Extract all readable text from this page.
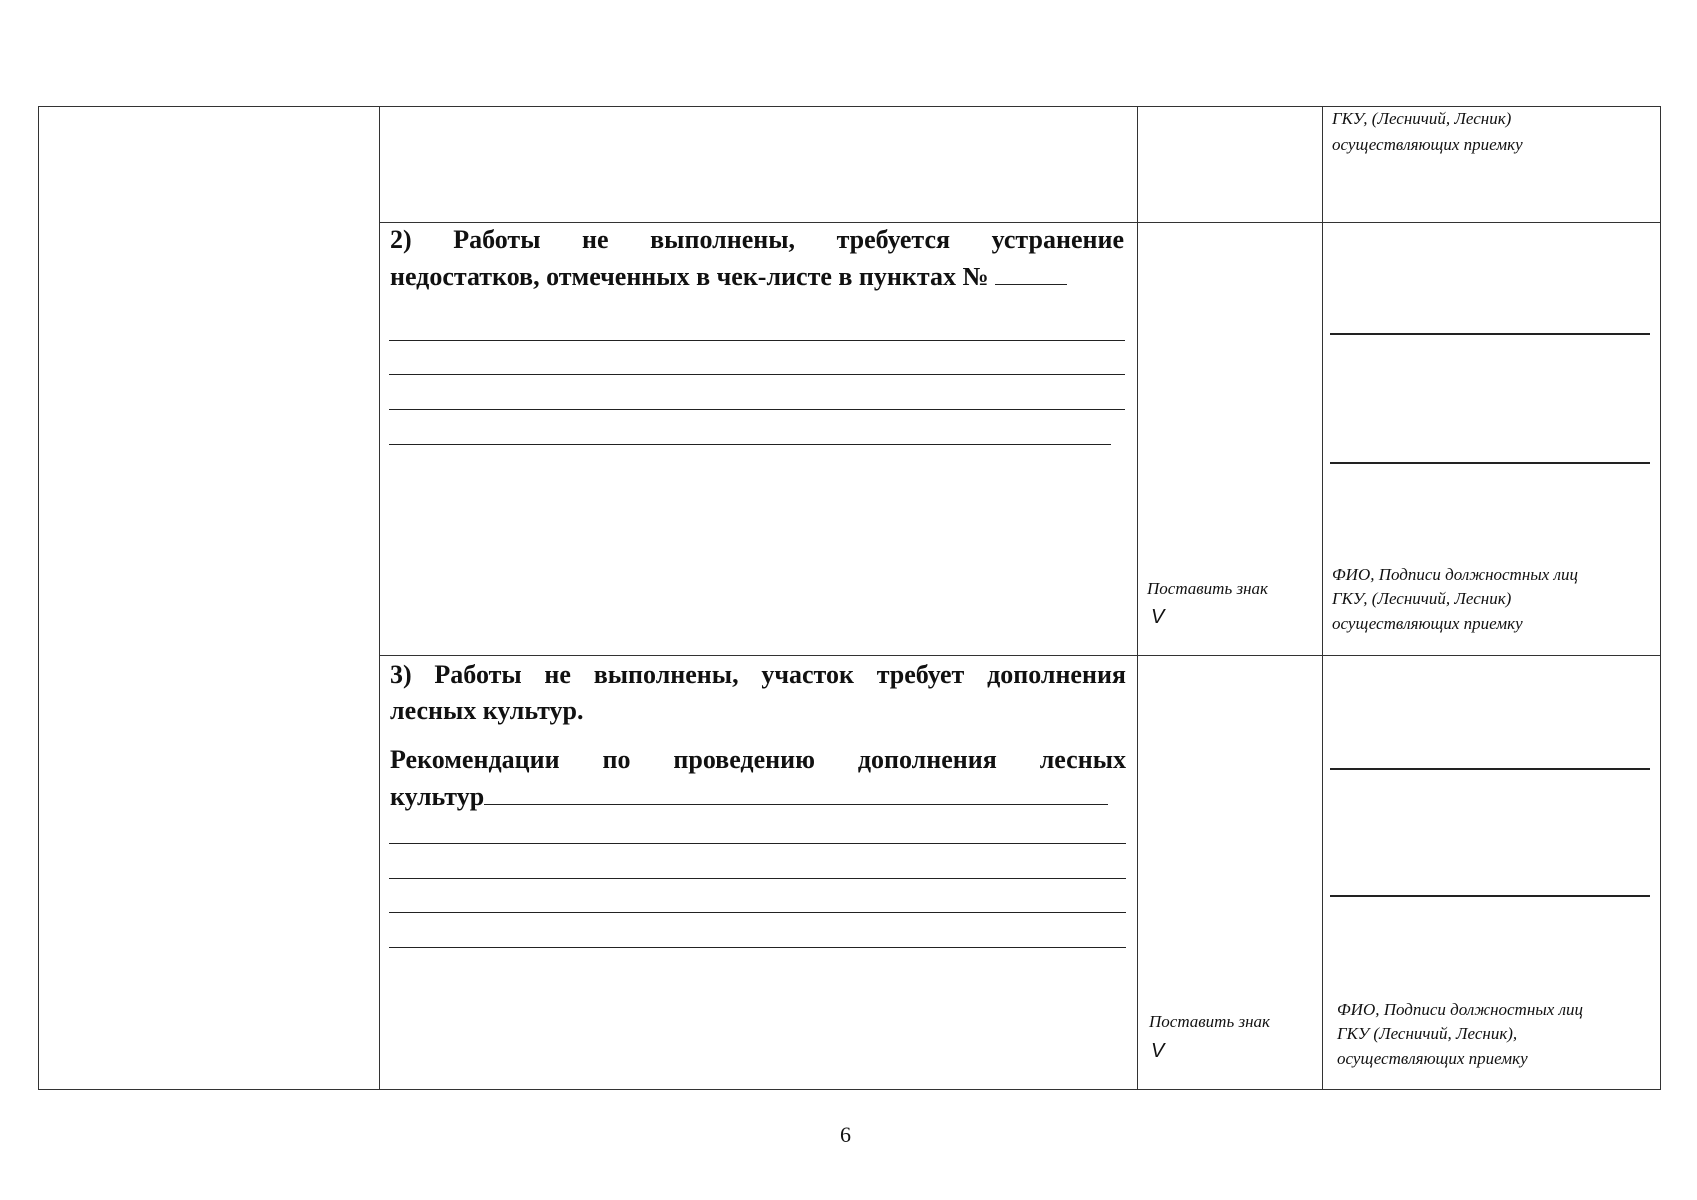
ГКУ, (Лесничий, Лесник)
осуществляющих приемку
2) Работы не выполнены, требуется устранение
недостатков, отмеченных в чек-листе в пунктах №
Поставить знак
V
ФИО, Подписи должностных лиц
ГКУ, (Лесничий, Лесник)
осуществляющих приемку
3) Работы не выполнены, участок требует дополнения
лесных культур.
Рекомендации по проведению дополнения лесных
культур
Поставить знак
V
ФИО, Подписи должностных лиц
ГКУ (Лесничий, Лесник),
осуществляющих приемку
6
